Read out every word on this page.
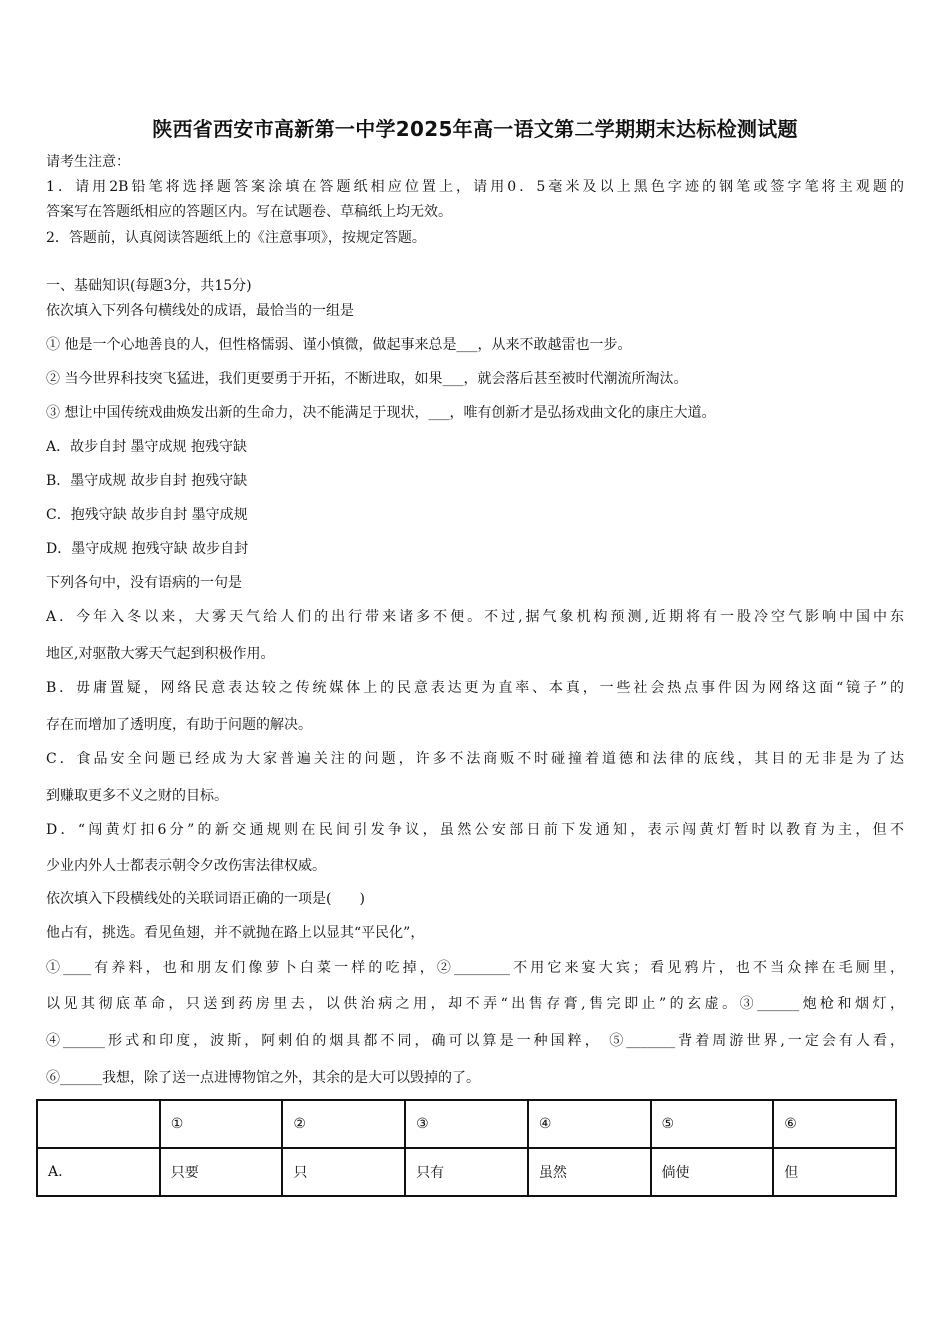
陕西省西安市高新第一中学2025年高一语文第二学期期末达标检测试题
请考生注意：
1．请用2B铅笔将选择题答案涂填在答题纸相应位置上，请用0．5毫米及以上黑色字迹的钢笔或签字笔将主观题的
答案写在答题纸相应的答题区内。写在试题卷、草稿纸上均无效。
2．答题前，认真阅读答题纸上的《注意事项》，按规定答题。
一、基础知识(每题3分，共15分)
依次填入下列各句横线处的成语，最恰当的一组是
① 他是一个心地善良的人，但性格懦弱、谨小慎微，做起事来总是___，从来不敢越雷也一步。
② 当今世界科技突飞猛进，我们更要勇于开拓，不断进取，如果___，就会落后甚至被时代潮流所淘汰。
③ 想让中国传统戏曲焕发出新的生命力，决不能满足于现状，___，唯有创新才是弘扬戏曲文化的康庄大道。
A．故步自封 墨守成规 抱残守缺
B．墨守成规 故步自封 抱残守缺
C．抱残守缺 故步自封 墨守成规
D．墨守成规 抱残守缺 故步自封
下列各句中，没有语病的一句是
A．今年入冬以来，大雾天气给人们的出行带来诸多不便。不过,据气象机构预测,近期将有一股冷空气影响中国中东
地区,对驱散大雾天气起到积极作用。
B．毋庸置疑，网络民意表达较之传统媒体上的民意表达更为直率、本真，一些社会热点事件因为网络这面“镜子”的
存在而增加了透明度，有助于问题的解决。
C．食品安全问题已经成为大家普遍关注的问题，许多不法商贩不时碰撞着道德和法律的底线，其目的无非是为了达
到赚取更多不义之财的目标。
D．“闯黄灯扣6分”的新交通规则在民间引发争议，虽然公安部日前下发通知，表示闯黄灯暂时以教育为主，但不
少业内外人士都表示朝令夕改伤害法律权威。
依次填入下段横线处的关联词语正确的一项是(　　)
他占有，挑选。看见鱼翅，并不就抛在路上以显其“平民化”，
①____有养料，也和朋友们像萝卜白菜一样的吃掉，②________不用它来宴大宾；看见鸦片，也不当众摔在毛厕里，
以见其彻底革命，只送到药房里去，以供治病之用，却不弄“出售存膏,售完即止”的玄虚。③______炮枪和烟灯，
④______形式和印度，波斯，阿剌伯的烟具都不同，确可以算是一种国粹， ⑤_______背着周游世界,一定会有人看，
⑥______我想，除了送一点进博物馆之外，其余的是大可以毁掉的了。
	①	②	③	④	⑤	⑥
A.	只要	只	只有	虽然	倘使	但
